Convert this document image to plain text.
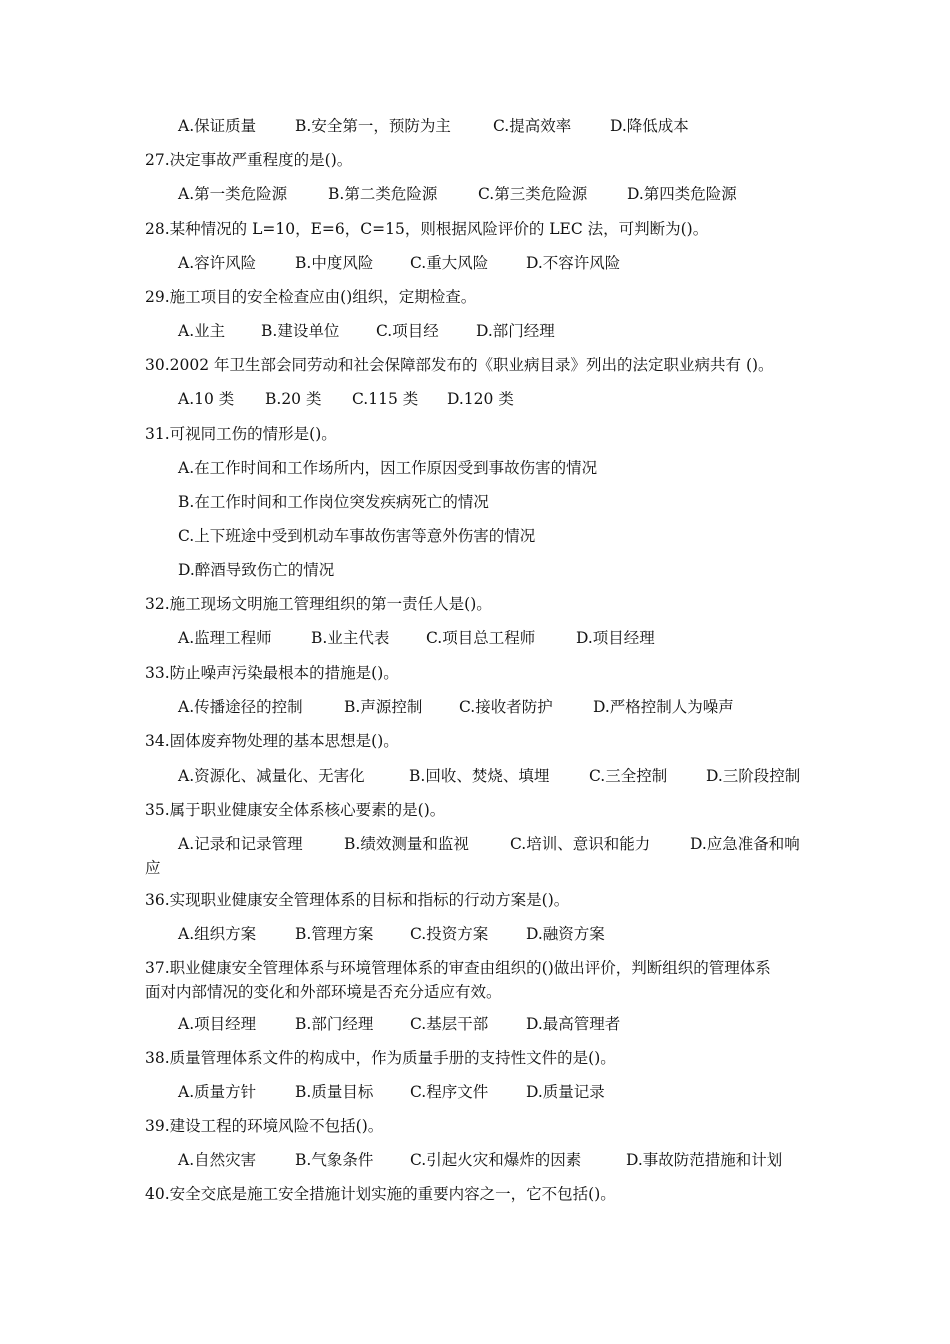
A.保证质量	B.安全第一，预防为主	C.提高效率	D.降低成本
27.决定事故严重程度的是()。
A.第一类危险源	B.第二类危险源	C.第三类危险源	D.第四类危险源
28.某种情况的 L=10，E=6，C=15，则根据风险评价的 LEC 法，可判断为()。
A.容许风险	B.中度风险 C.重大风险 D.不容许风险
29.施工项目的安全检查应由()组织，定期检查。
A.业主 B.建设单位 C.项目经 D.部门经理
30.2002 年卫生部会同劳动和社会保障部发布的《职业病目录》列出的法定职业病共有 ()。
A.10 类 B.20 类 C.115 类 D.120 类
31.可视同工伤的情形是()。
A.在工作时间和工作场所内，因工作原因受到事故伤害的情况
B.在工作时间和工作岗位突发疾病死亡的情况
C.上下班途中受到机动车事故伤害等意外伤害的情况
D.醉酒导致伤亡的情况
32.施工现场文明施工管理组织的第一责任人是()。
A.监理工程师	B.业主代表 C.项目总工程师	D.项目经理
33.防止噪声污染最根本的措施是()。
A.传播途径的控制	B.声源控制 C.接收者防护	D.严格控制人为噪声
34.固体废弃物处理的基本思想是()。
A.资源化、减量化、无害化	B.回收、焚烧、填埋	C.三全控制	D.三阶段控制
35.属于职业健康安全体系核心要素的是()。
A.记录和记录管理	B.绩效测量和监视	C.培训、意识和能力	D.应急准备和响
应
36.实现职业健康安全管理体系的目标和指标的行动方案是()。
A.组织方案	B.管理方案 C.投资方案 D.融资方案
37.职业健康安全管理体系与环境管理体系的审查由组织的()做出评价，判断组织的管理体系
面对内部情况的变化和外部环境是否充分适应有效。
A.项目经理	B.部门经理 C.基层干部 D.最高管理者
38.质量管理体系文件的构成中，作为质量手册的支持性文件的是()。
A.质量方针	B.质量目标 C.程序文件 D.质量记录
39.建设工程的环境风险不包括()。
A.自然灾害	B.气象条件 C.引起火灾和爆炸的因素	D.事故防范措施和计划
40.安全交底是施工安全措施计划实施的重要内容之一，它不包括()。
